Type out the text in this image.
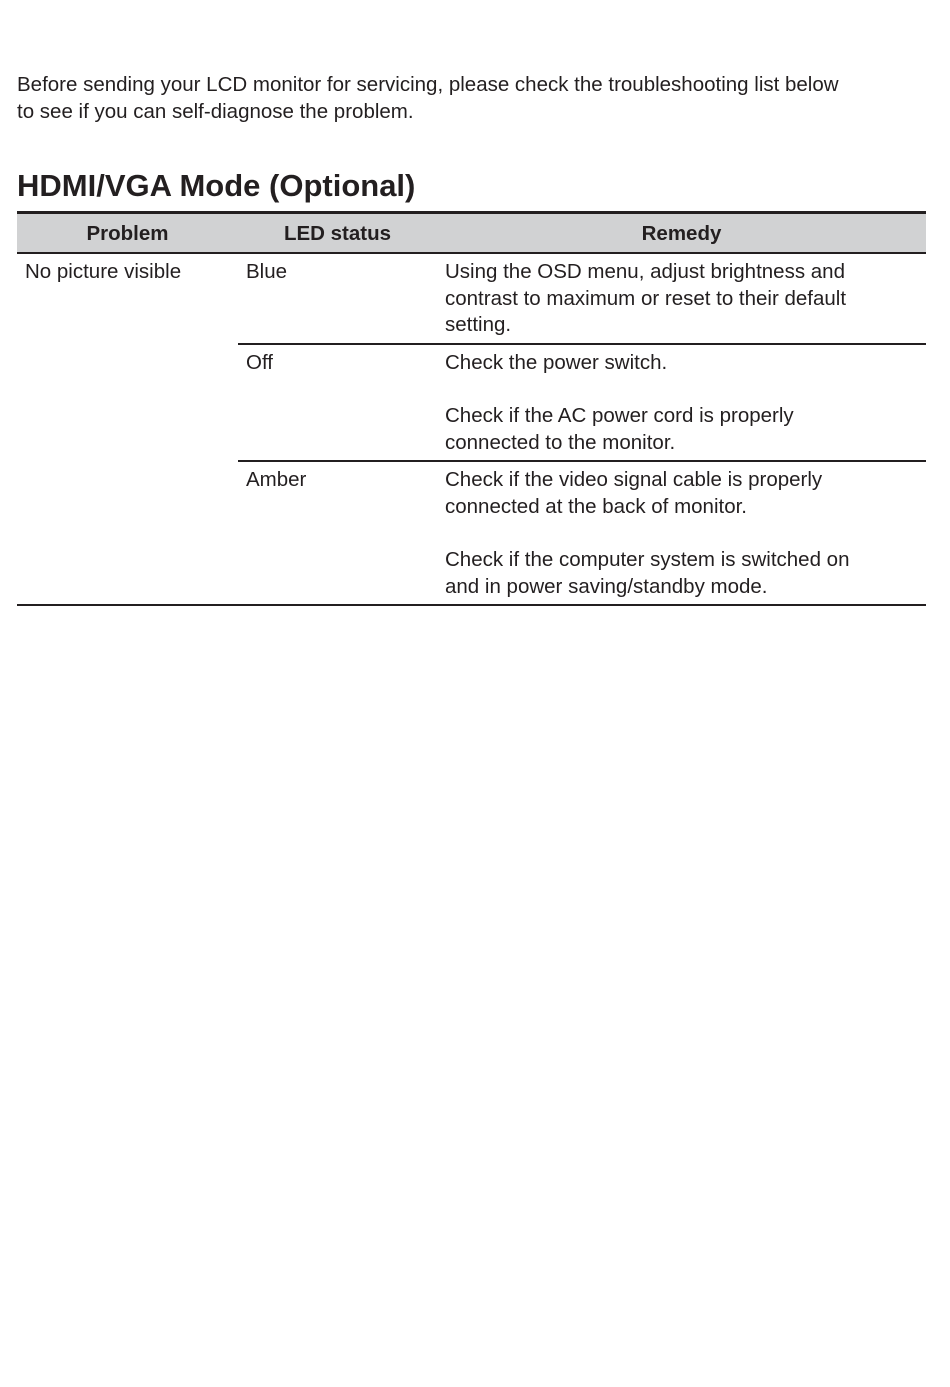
Before sending your LCD monitor for servicing, please check the troubleshooting list below
to see if you can self-diagnose the problem.
HDMI/VGA Mode (Optional)
Problem	LED status	Remedy
No picture visible	Blue	Using the OSD menu, adjust brightness and
contrast to maximum or reset to their default
setting.

	Off	Check the power switch.
Check if the AC power cord is properly
connected to the monitor.

	Amber	Check if the video signal cable is properly
connected at the back of monitor.
Check if the computer system is switched on
and in power saving/standby mode.
